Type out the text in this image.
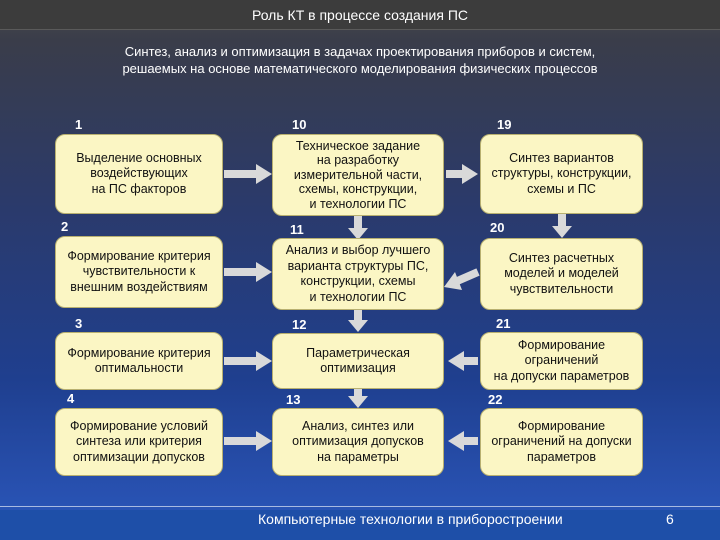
Роль КТ в процессе создания ПС
Синтез, анализ и оптимизация в задачах проектирования приборов и систем,
решаемых на основе математического моделирования физических процессов
1
Выделение основных
воздействующих
на ПС факторов
2
Формирование критерия
чувствительности к
внешним воздействиям
3
Формирование критерия
оптимальности
4
Формирование условий
синтеза или критерия
оптимизации допусков
10
Техническое задание
на разработку
измерительной части,
схемы, конструкции,
и технологии ПС
11
Анализ и выбор лучшего
варианта структуры ПС,
конструкции, схемы
и технологии ПС
12
Параметрическая
оптимизация
13
Анализ, синтез или
оптимизация допусков
на параметры
19
Синтез вариантов
структуры, конструкции,
схемы и ПС
20
Синтез расчетных
моделей и моделей
чувствительности
21
Формирование
ограничений
на допуски параметров
22
Формирование
ограничений на допуски
параметров
Компьютерные технологии в приборостроении	6
